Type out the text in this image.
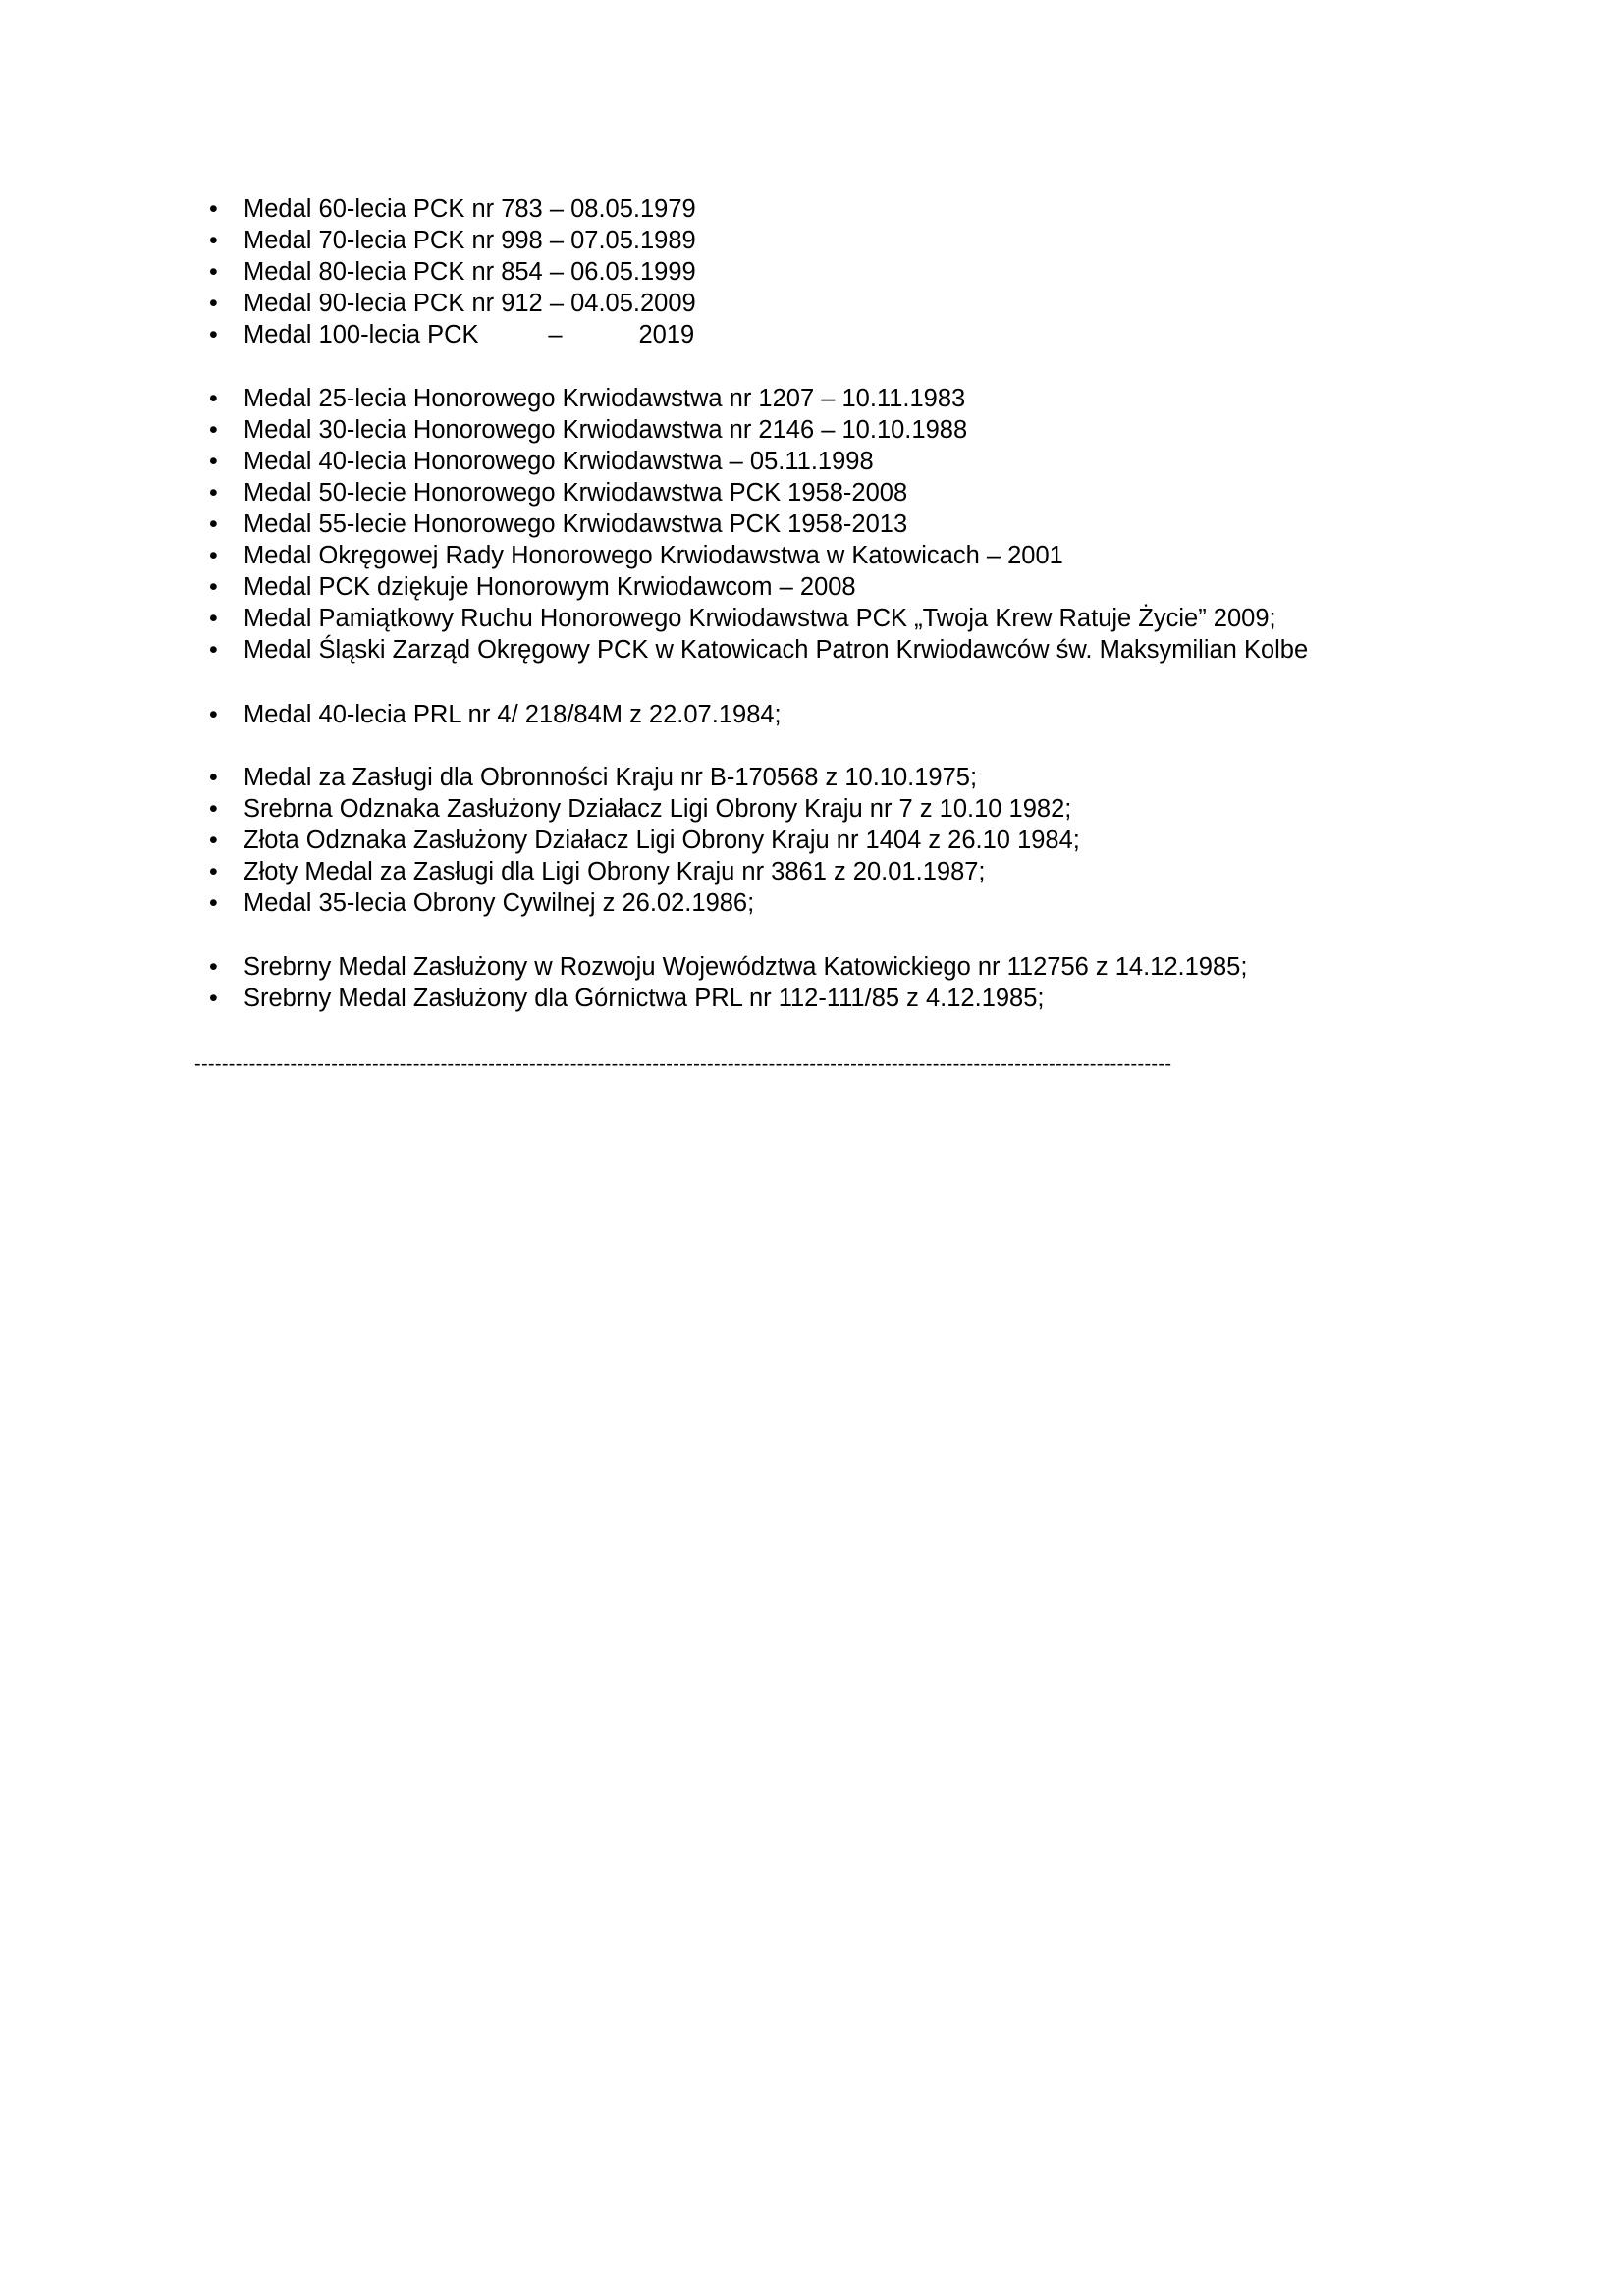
• Medal 60-lecia PCK nr 783 – 08.05.1979
• Medal 70-lecia PCK nr 998 – 07.05.1989
• Medal 80-lecia PCK nr 854 – 06.05.1999
• Medal 90-lecia PCK nr 912 – 04.05.2009
• Medal 100-lecia PCK          –           2019
• Medal 25-lecia Honorowego Krwiodawstwa nr 1207 – 10.11.1983
• Medal 30-lecia Honorowego Krwiodawstwa nr 2146 – 10.10.1988
• Medal 40-lecia Honorowego Krwiodawstwa – 05.11.1998
• Medal 50-lecie Honorowego Krwiodawstwa PCK 1958-2008
• Medal 55-lecie Honorowego Krwiodawstwa PCK 1958-2013
• Medal Okręgowej Rady Honorowego Krwiodawstwa w Katowicach – 2001
• Medal PCK dziękuje Honorowym Krwiodawcom – 2008
• Medal Pamiątkowy Ruchu Honorowego Krwiodawstwa PCK „Twoja Krew Ratuje Życie” 2009;
• Medal Śląski Zarząd Okręgowy PCK w Katowicach Patron Krwiodawców św. Maksymilian Kolbe
• Medal 40-lecia PRL nr 4/ 218/84M z 22.07.1984;
• Medal za Zasługi dla Obronności Kraju nr B-170568 z 10.10.1975;
• Srebrna Odznaka Zasłużony Działacz Ligi Obrony Kraju nr 7 z 10.10 1982;
• Złota Odznaka Zasłużony Działacz Ligi Obrony Kraju nr 1404 z 26.10 1984;
• Złoty Medal za Zasługi dla Ligi Obrony Kraju nr 3861 z 20.01.1987;
• Medal 35-lecia Obrony Cywilnej z 26.02.1986;
• Srebrny Medal Zasłużony w Rozwoju Województwa Katowickiego nr 112756 z 14.12.1985;
• Srebrny Medal Zasłużony dla Górnictwa PRL nr 112-111/85 z 4.12.1985;
-----------------------------------------------------------------------------------------------------------------------------------------------
